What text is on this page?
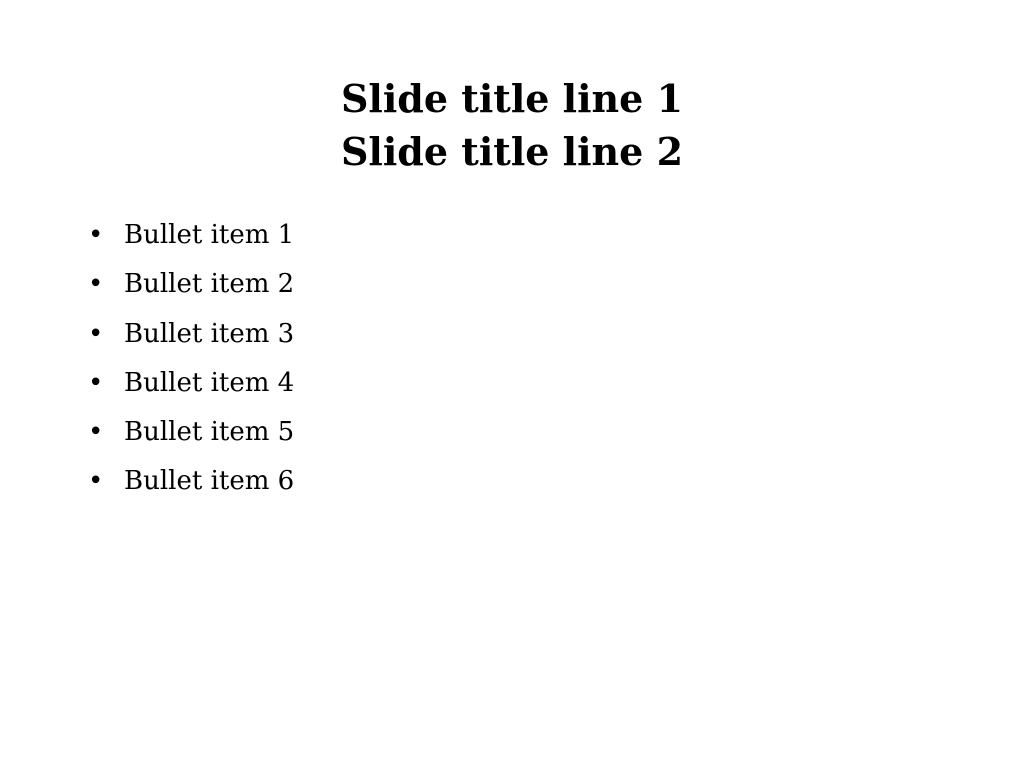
Slide title line 1
Slide title line 2
• Bullet item 1
• Bullet item 2
• Bullet item 3
• Bullet item 4
• Bullet item 5
• Bullet item 6
